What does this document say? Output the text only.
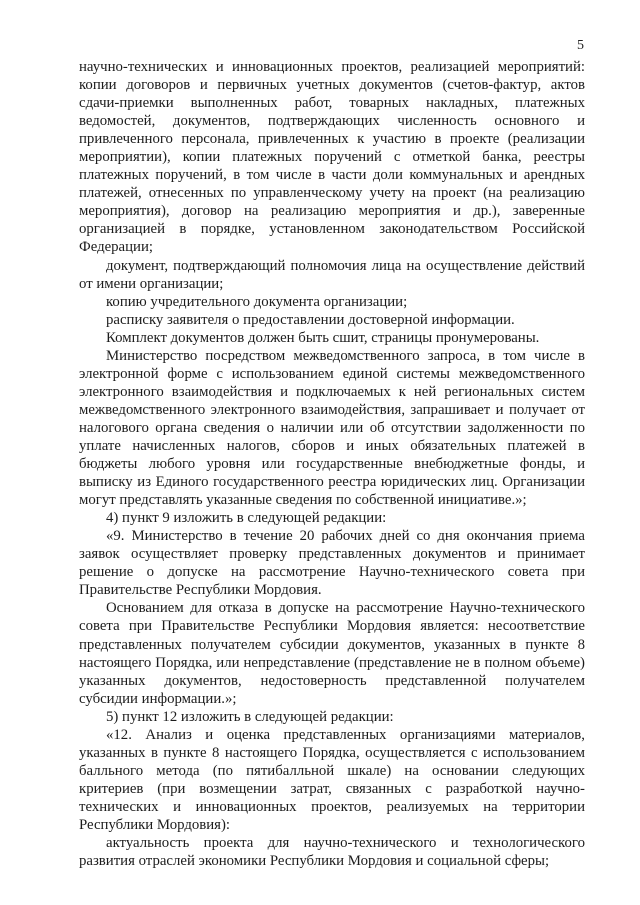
5

научно-технических и инновационных проектов, реализацией мероприятий: копии договоров и первичных учетных документов (счетов-фактур, актов сдачи-приемки выполненных работ, товарных накладных, платежных ведомостей, документов, подтверждающих численность основного и привлеченного персонала, привлеченных к участию в проекте (реализации мероприятии), копии платежных поручений с отметкой банка, реестры платежных поручений, в том числе в части доли коммунальных и арендных платежей, отнесенных по управленческому учету на проект (на реализацию мероприятия), договор на реализацию мероприятия и др.), заверенные организацией в порядке, установленном законодательством Российской Федерации;

документ, подтверждающий полномочия лица на осуществление действий от имени организации;

копию учредительного документа организации;

расписку заявителя о предоставлении достоверной информации.

Комплект документов должен быть сшит, страницы пронумерованы.

Министерство посредством межведомственного запроса, в том числе в электронной форме с использованием единой системы межведомственного электронного взаимодействия и подключаемых к ней региональных систем межведомственного электронного взаимодействия, запрашивает и получает от налогового органа сведения о наличии или об отсутствии задолженности по уплате начисленных налогов, сборов и иных обязательных платежей в бюджеты любого уровня или государственные внебюджетные фонды, и выписку из Единого государственного реестра юридических лиц. Организации могут представлять указанные сведения по собственной инициативе.»;

4) пункт 9 изложить в следующей редакции:

«9. Министерство в течение 20 рабочих дней со дня окончания приема заявок осуществляет проверку представленных документов и принимает решение о допуске на рассмотрение Научно-технического совета при Правительстве Республики Мордовия.

Основанием для отказа в допуске на рассмотрение Научно-технического совета при Правительстве Республики Мордовия является: несоответствие представленных получателем субсидии документов, указанных в пункте 8 настоящего Порядка, или непредставление (представление не в полном объеме) указанных документов, недостоверность представленной получателем субсидии информации.»;

5) пункт 12 изложить в следующей редакции:

«12. Анализ и оценка представленных организациями материалов, указанных в пункте 8 настоящего Порядка, осуществляется с использованием балльного метода (по пятибалльной шкале) на основании следующих критериев (при возмещении затрат, связанных с разработкой научно-технических и инновационных проектов, реализуемых на территории Республики Мордовия):

актуальность проекта для научно-технического и технологического развития отраслей экономики Республики Мордовия и социальной сферы;
